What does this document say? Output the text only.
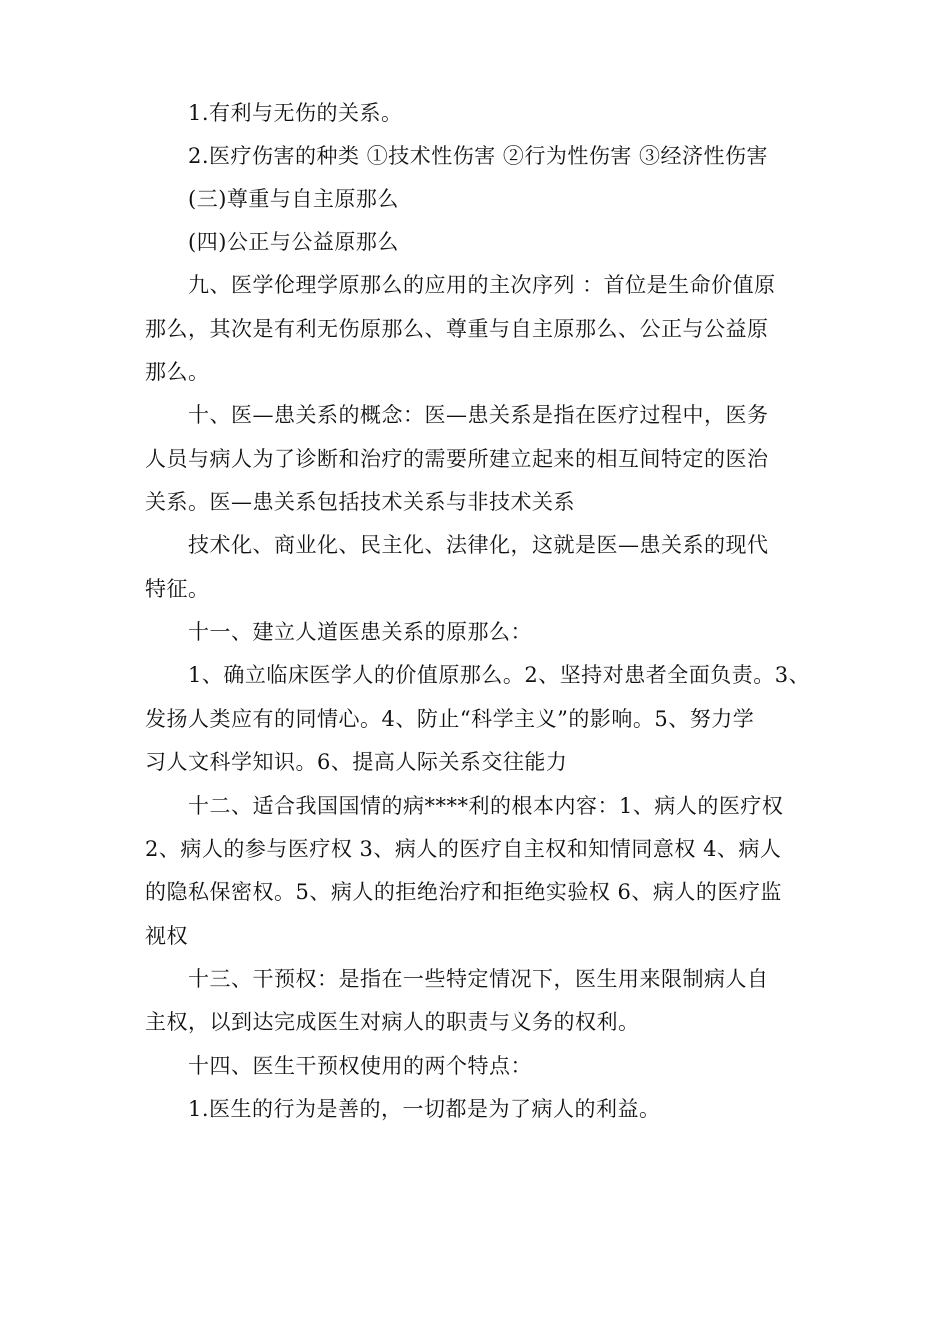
1.有利与无伤的关系。
2.医疗伤害的种类 ①技术性伤害 ②行为性伤害 ③经济性伤害
(三)尊重与自主原那么
(四)公正与公益原那么
九、医学伦理学原那么的应用的主次序列 ：首位是生命价值原
那么，其次是有利无伤原那么、尊重与自主原那么、公正与公益原
那么。
十、医—患关系的概念：医—患关系是指在医疗过程中，医务
人员与病人为了诊断和治疗的需要所建立起来的相互间特定的医治
关系。医—患关系包括技术关系与非技术关系
技术化、商业化、民主化、法律化，这就是医—患关系的现代
特征。
十一、建立人道医患关系的原那么：
1、确立临床医学人的价值原那么。2、坚持对患者全面负责。3、
发扬人类应有的同情心。4、防止“科学主义”的影响。5、努力学
习人文科学知识。6、提高人际关系交往能力
十二、适合我国国情的病****利的根本内容：1、病人的医疗权
2、病人的参与医疗权 3、病人的医疗自主权和知情同意权 4、病人
的隐私保密权。5、病人的拒绝治疗和拒绝实验权 6、病人的医疗监
视权
十三、干预权：是指在一些特定情况下，医生用来限制病人自
主权，以到达完成医生对病人的职责与义务的权利。
十四、医生干预权使用的两个特点：
1.医生的行为是善的，一切都是为了病人的利益。
